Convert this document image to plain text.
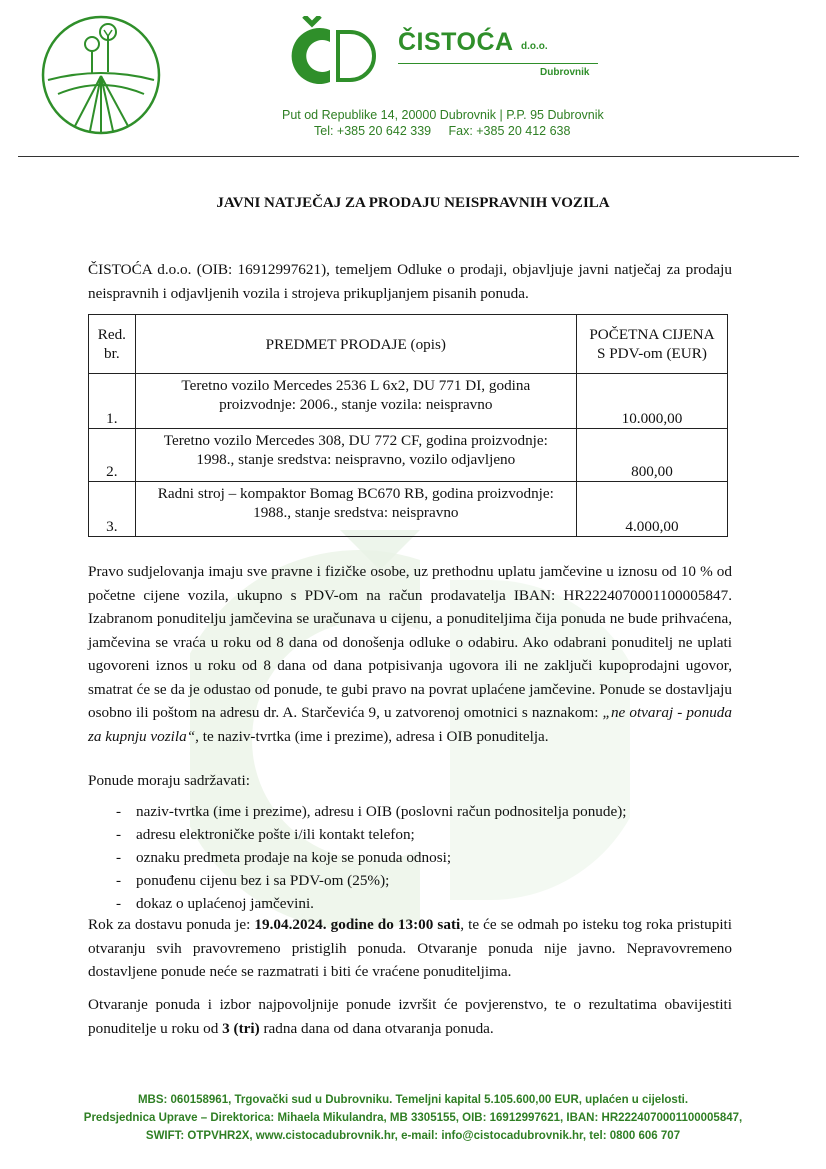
ČISTOĆA d.o.o.
Dubrovnik
Put od Republike 14, 20000 Dubrovnik | P.P. 95 Dubrovnik
Tel: +385 20 642 339     Fax: +385 20 412 638
JAVNI NATJEČAJ ZA PRODAJU NEISPRAVNIH VOZILA
ČISTOĆA d.o.o. (OIB: 16912997621), temeljem Odluke o prodaji, objavljuje javni natječaj za prodaju neispravnih i odjavljenih vozila i strojeva prikupljanjem pisanih ponuda.
Red. br.	PREDMET PRODAJE (opis)	POČETNA CIJENA S PDV-om (EUR)
1.	Teretno vozilo Mercedes 2536 L 6x2, DU 771 DI, godina proizvodnje: 2006., stanje vozila: neispravno	10.000,00
2.	Teretno vozilo Mercedes 308, DU 772 CF, godina proizvodnje: 1998., stanje sredstva: neispravno, vozilo odjavljeno	800,00
3.	Radni stroj – kompaktor Bomag BC670 RB, godina proizvodnje: 1988., stanje sredstva: neispravno	4.000,00
Pravo sudjelovanja imaju sve pravne i fizičke osobe, uz prethodnu uplatu jamčevine u iznosu od 10 % od početne cijene vozila, ukupno s PDV-om na račun prodavatelja IBAN: HR2224070001100005847. Izabranom ponuditelju jamčevina se uračunava u cijenu, a ponuditeljima čija ponuda ne bude prihvaćena, jamčevina se vraća u roku od 8 dana od donošenja odluke o odabiru. Ako odabrani ponuditelj ne uplati ugovoreni iznos u roku od 8 dana od dana potpisivanja ugovora ili ne zaključi kupoprodajni ugovor, smatrat će se da je odustao od ponude, te gubi pravo na povrat uplaćene jamčevine. Ponude se dostavljaju osobno ili poštom na adresu dr. A. Starčevića 9, u zatvorenoj omotnici s naznakom: „ne otvaraj - ponuda za kupnju vozila“, te naziv-tvrtka (ime i prezime), adresa i OIB ponuditelja.
Ponude moraju sadržavati:
- naziv-tvrtka (ime i prezime), adresu i OIB (poslovni račun podnositelja ponude);
- adresu elektroničke pošte i/ili kontakt telefon;
- oznaku predmeta prodaje na koje se ponuda odnosi;
- ponuđenu cijenu bez i sa PDV-om (25%);
- dokaz o uplaćenoj jamčevini.
Rok za dostavu ponuda je: 19.04.2024. godine do 13:00 sati, te će se odmah po isteku tog roka pristupiti otvaranju svih pravovremeno pristiglih ponuda. Otvaranje ponuda nije javno. Nepravovremeno dostavljene ponude neće se razmatrati i biti će vraćene ponuditeljima.
Otvaranje ponuda i izbor najpovoljnije ponude izvršit će povjerenstvo, te o rezultatima obavijestiti ponuditelje u roku od 3 (tri) radna dana od dana otvaranja ponuda.
MBS: 060158961, Trgovački sud u Dubrovniku. Temeljni kapital 5.105.600,00 EUR, uplaćen u cijelosti.
Predsjednica Uprave – Direktorica: Mihaela Mikulandra, MB 3305155, OIB: 16912997621, IBAN: HR2224070001100005847,
SWIFT: OTPVHR2X, www.cistocadubrovnik.hr, e-mail: info@cistocadubrovnik.hr, tel: 0800 606 707
